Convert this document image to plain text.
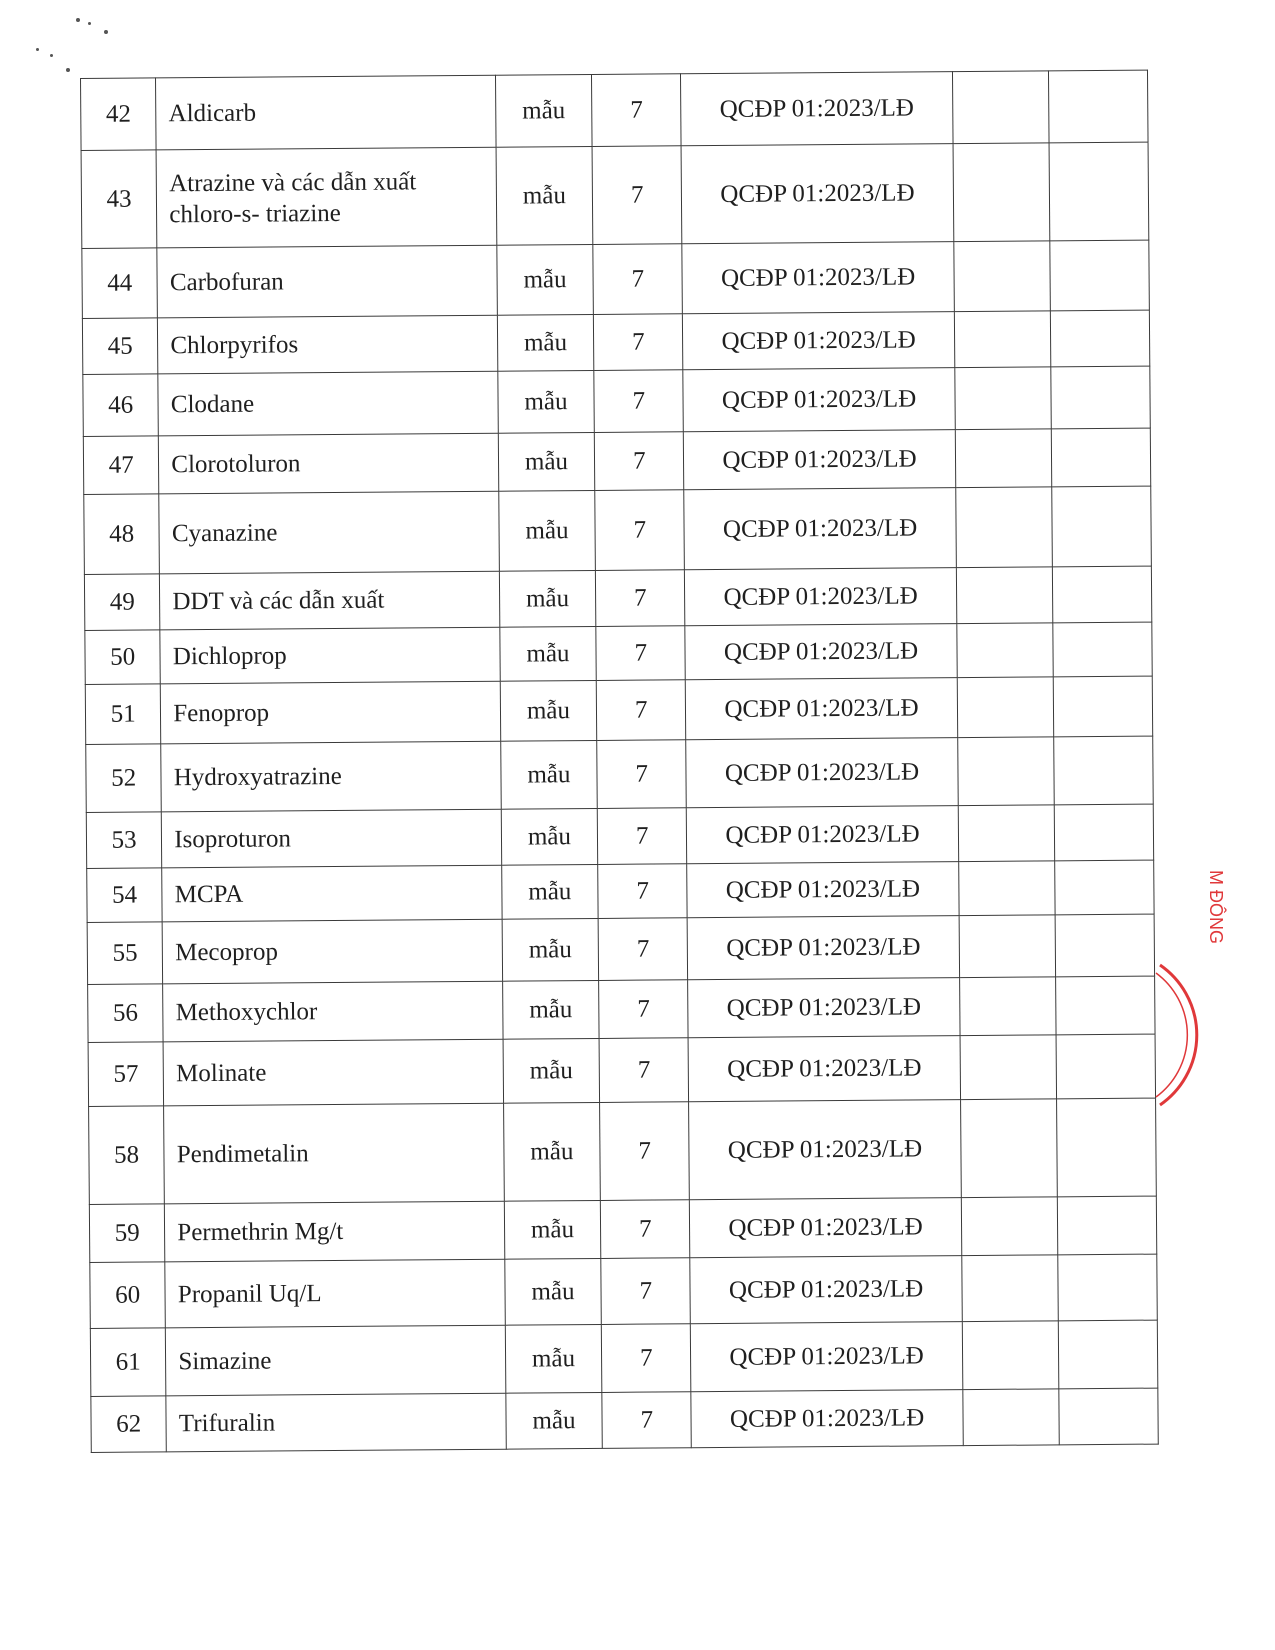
42	Aldicarb	mẫu	7	QCĐP 01:2023/LĐ		
43	Atrazine và các dẫn xuất chloro-s- triazine	mẫu	7	QCĐP 01:2023/LĐ		
44	Carbofuran	mẫu	7	QCĐP 01:2023/LĐ		
45	Chlorpyrifos	mẫu	7	QCĐP 01:2023/LĐ		
46	Clodane	mẫu	7	QCĐP 01:2023/LĐ		
47	Clorotoluron	mẫu	7	QCĐP 01:2023/LĐ		
48	Cyanazine	mẫu	7	QCĐP 01:2023/LĐ		
49	DDT và các dẫn xuất	mẫu	7	QCĐP 01:2023/LĐ		
50	Dichloprop	mẫu	7	QCĐP 01:2023/LĐ		
51	Fenoprop	mẫu	7	QCĐP 01:2023/LĐ		
52	Hydroxyatrazine	mẫu	7	QCĐP 01:2023/LĐ		
53	Isoproturon	mẫu	7	QCĐP 01:2023/LĐ		
54	MCPA	mẫu	7	QCĐP 01:2023/LĐ		
55	Mecoprop	mẫu	7	QCĐP 01:2023/LĐ		
56	Methoxychlor	mẫu	7	QCĐP 01:2023/LĐ		
57	Molinate	mẫu	7	QCĐP 01:2023/LĐ		
58	Pendimetalin	mẫu	7	QCĐP 01:2023/LĐ		
59	Permethrin Mg/t	mẫu	7	QCĐP 01:2023/LĐ		
60	Propanil Uq/L	mẫu	7	QCĐP 01:2023/LĐ		
61	Simazine	mẫu	7	QCĐP 01:2023/LĐ		
62	Trifuralin	mẫu	7	QCĐP 01:2023/LĐ		
M ĐÔNG
